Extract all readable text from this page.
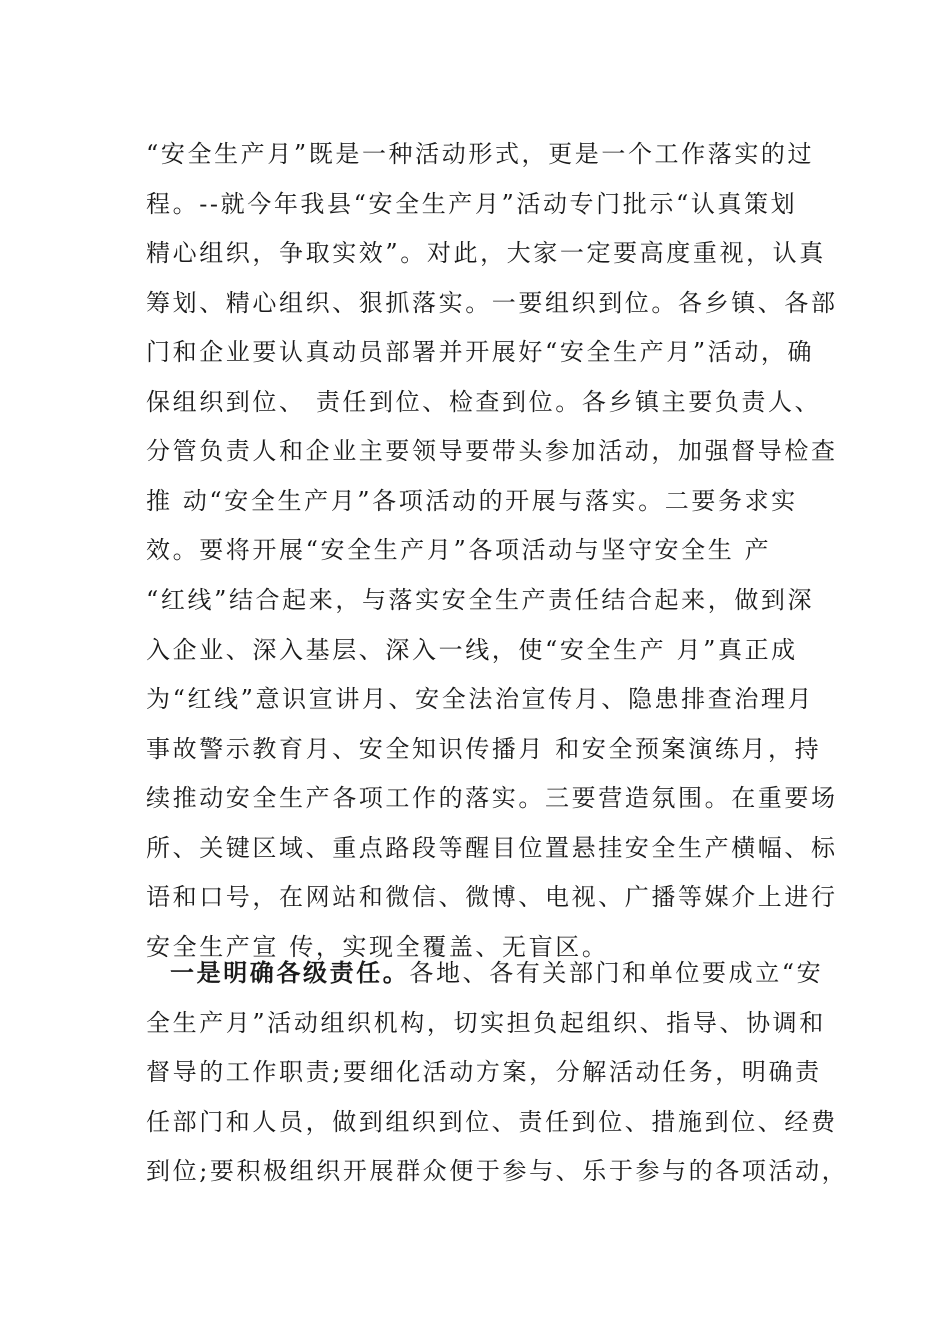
“安全生产月”既是一种活动形式，更是一个工作落实的过
程。--就今年我县“安全生产月”活动专门批示“认真策划
精心组织，争取实效”。对此，大家一定要高度重视，认真
筹划、精心组织、狠抓落实。一要组织到位。各乡镇、各部
门和企业要认真动员部署并开展好“安全生产月”活动，确
保组织到位、 责任到位、检查到位。各乡镇主要负责人、
分管负责人和企业主要领导要带头参加活动，加强督导检查
推 动“安全生产月”各项活动的开展与落实。二要务求实
效。要将开展“安全生产月”各项活动与坚守安全生 产
“红线”结合起来，与落实安全生产责任结合起来，做到深
入企业、深入基层、深入一线，使“安全生产 月”真正成
为“红线”意识宣讲月、安全法治宣传月、隐患排查治理月
事故警示教育月、安全知识传播月 和安全预案演练月，持
续推动安全生产各项工作的落实。三要营造氛围。在重要场
所、关键区域、重点路段等醒目位置悬挂安全生产横幅、标
语和口号，在网站和微信、微博、电视、广播等媒介上进行
安全生产宣 传，实现全覆盖、无盲区。
一是明确各级责任。各地、各有关部门和单位要成立“安
全生产月”活动组织机构，切实担负起组织、指导、协调和
督导的工作职责;要细化活动方案，分解活动任务，明确责
任部门和人员，做到组织到位、责任到位、措施到位、经费
到位;要积极组织开展群众便于参与、乐于参与的各项活动，
